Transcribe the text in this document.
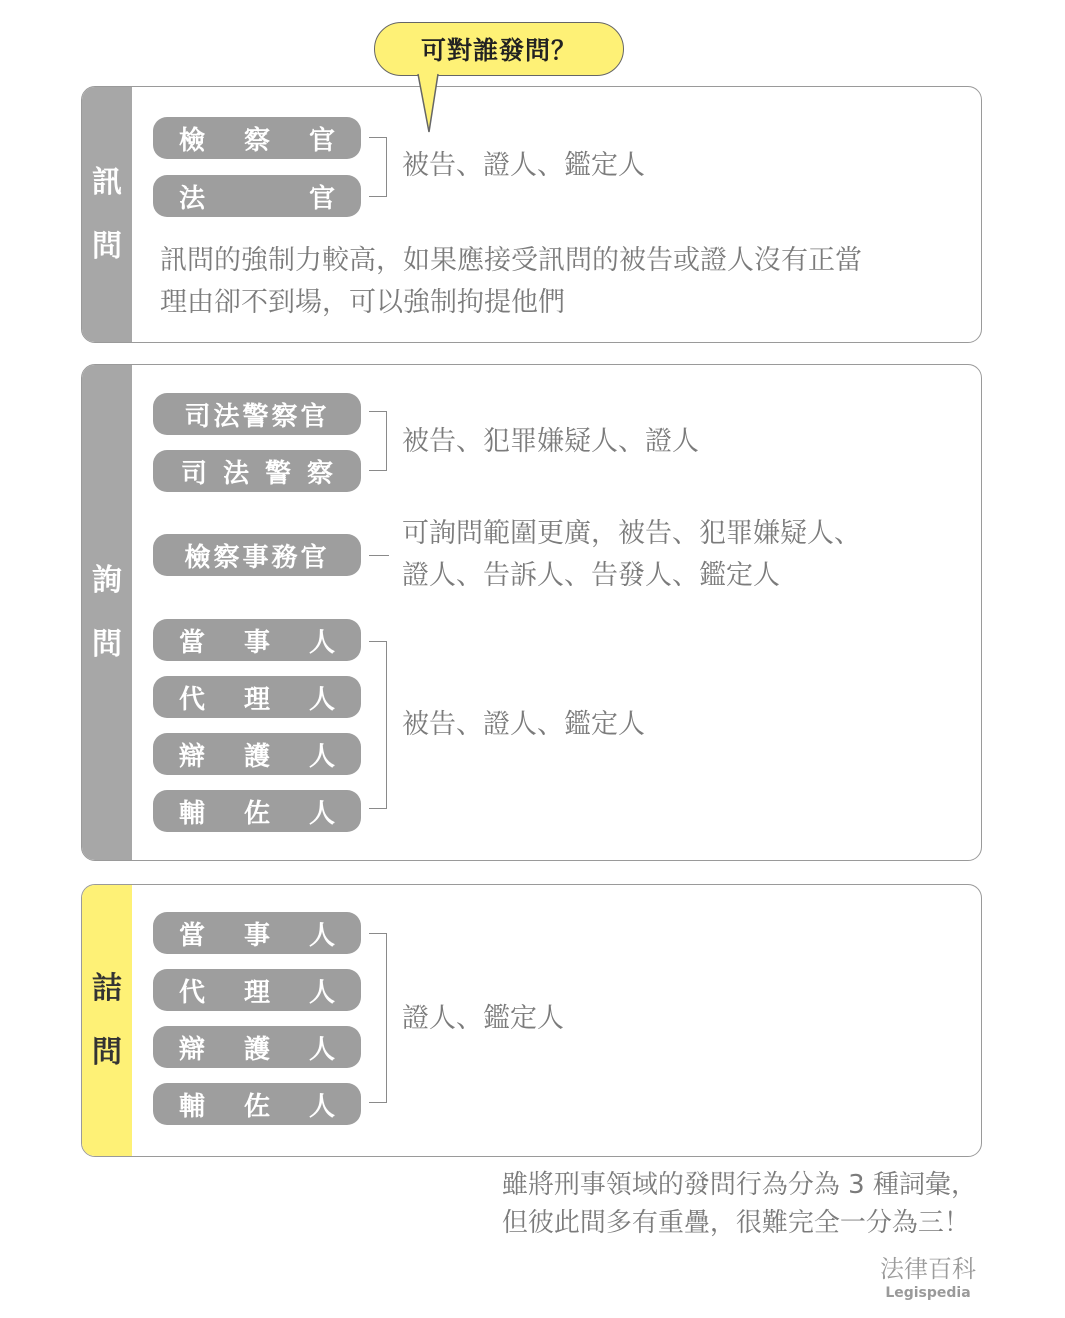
可對誰發問？
訊
問
檢	察	官
法	官
被告、證人、鑑定人
訊問的強制力較高，如果應接受訊問的被告或證人沒有正當
理由卻不到場，可以強制拘提他們
詢
問
司法警察官
司 法 警 察
被告、犯罪嫌疑人、證人
檢察事務官
可詢問範圍更廣，被告、犯罪嫌疑人、
證人、告訴人、告發人、鑑定人
當	事	人
代	理	人
辯	護	人
輔	佐	人
被告、證人、鑑定人
詰
問
當	事	人
代	理	人
辯	護	人
輔	佐	人
證人、鑑定人
雖將刑事領域的發問行為分為 3 種詞彙，
但彼此間多有重疊，很難完全一分為三！
法律百科
Legispedia
